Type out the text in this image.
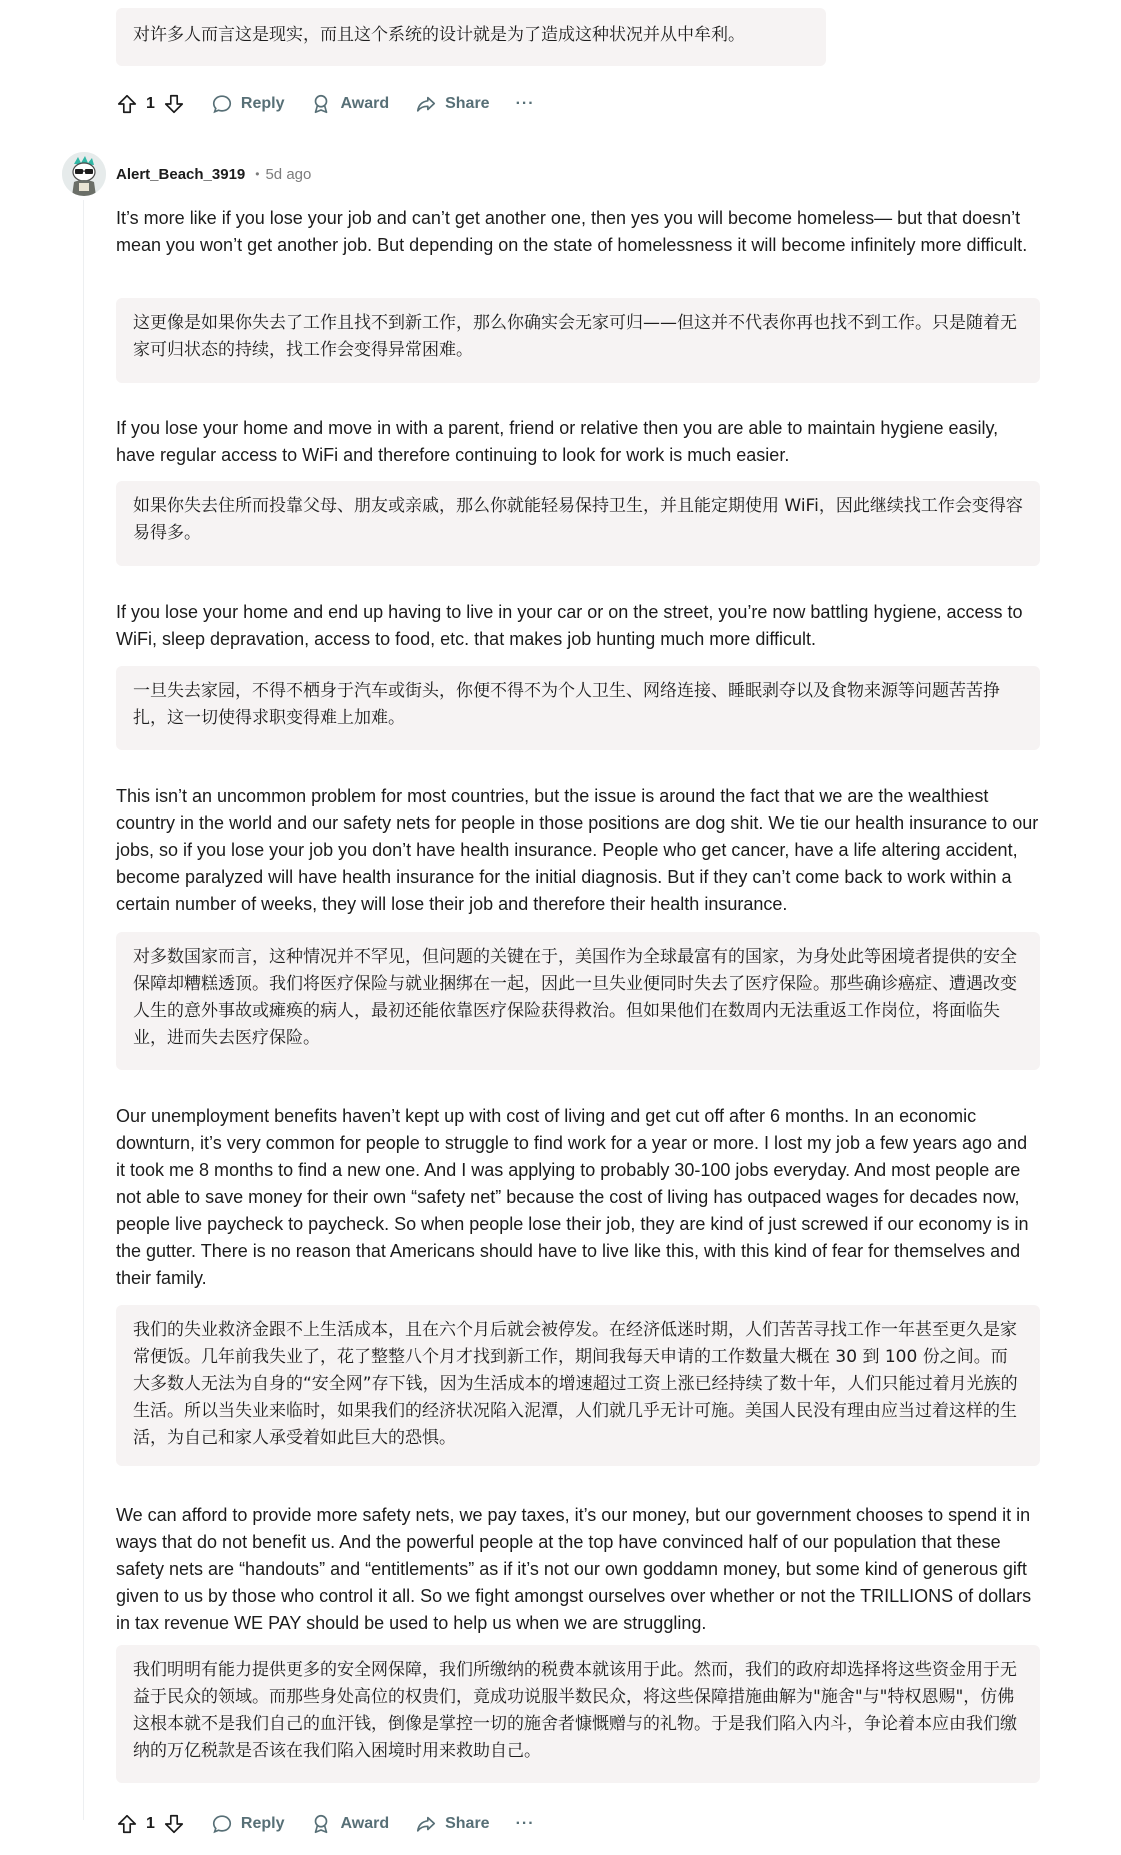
对许多人而言这是现实，而且这个系统的设计就是为了造成这种状况并从中牟利。
1	Reply	Award	Share ···
Alert_Beach_3919 • 5d ago
It’s more like if you lose your job and can’t get another one, then yes you will become homeless— but that doesn’t mean you won’t get another job. But depending on the state of homelessness it will become infinitely more difficult.
这更像是如果你失去了工作且找不到新工作，那么你确实会无家可归——但这并不代表你再也找不到工作。只是随着无家可归状态的持续，找工作会变得异常困难。
If you lose your home and move in with a parent, friend or relative then you are able to maintain hygiene easily, have regular access to WiFi and therefore continuing to look for work is much easier.
如果你失去住所而投靠父母、朋友或亲戚，那么你就能轻易保持卫生，并且能定期使用 WiFi，因此继续找工作会变得容易得多。
If you lose your home and end up having to live in your car or on the street, you’re now battling hygiene, access to WiFi, sleep depravation, access to food, etc. that makes job hunting much more difficult.
一旦失去家园，不得不栖身于汽车或街头，你便不得不为个人卫生、网络连接、睡眠剥夺以及食物来源等问题苦苦挣扎，这一切使得求职变得难上加难。
This isn’t an uncommon problem for most countries, but the issue is around the fact that we are the wealthiest country in the world and our safety nets for people in those positions are dog shit. We tie our health insurance to our jobs, so if you lose your job you don’t have health insurance. People who get cancer, have a life altering accident, become paralyzed will have health insurance for the initial diagnosis. But if they can’t come back to work within a certain number of weeks, they will lose their job and therefore their health insurance.
对多数国家而言，这种情况并不罕见，但问题的关键在于，美国作为全球最富有的国家，为身处此等困境者提供的安全保障却糟糕透顶。我们将医疗保险与就业捆绑在一起，因此一旦失业便同时失去了医疗保险。那些确诊癌症、遭遇改变人生的意外事故或瘫痪的病人，最初还能依靠医疗保险获得救治。但如果他们在数周内无法重返工作岗位，将面临失业，进而失去医疗保险。
Our unemployment benefits haven’t kept up with cost of living and get cut off after 6 months. In an economic downturn, it’s very common for people to struggle to find work for a year or more. I lost my job a few years ago and it took me 8 months to find a new one. And I was applying to probably 30-100 jobs everyday. And most people are not able to save money for their own “safety net” because the cost of living has outpaced wages for decades now, people live paycheck to paycheck. So when people lose their job, they are kind of just screwed if our economy is in the gutter. There is no reason that Americans should have to live like this, with this kind of fear for themselves and their family.
我们的失业救济金跟不上生活成本，且在六个月后就会被停发。在经济低迷时期，人们苦苦寻找工作一年甚至更久是家常便饭。几年前我失业了，花了整整八个月才找到新工作，期间我每天申请的工作数量大概在 30 到 100 份之间。而大多数人无法为自身的“安全网”存下钱，因为生活成本的增速超过工资上涨已经持续了数十年，人们只能过着月光族的生活。所以当失业来临时，如果我们的经济状况陷入泥潭，人们就几乎无计可施。美国人民没有理由应当过着这样的生活，为自己和家人承受着如此巨大的恐惧。
We can afford to provide more safety nets, we pay taxes, it’s our money, but our government chooses to spend it in ways that do not benefit us. And the powerful people at the top have convinced half of our population that these safety nets are “handouts” and “entitlements” as if it’s not our own goddamn money, but some kind of generous gift given to us by those who control it all. So we fight amongst ourselves over whether or not the TRILLIONS of dollars in tax revenue WE PAY should be used to help us when we are struggling.
我们明明有能力提供更多的安全网保障，我们所缴纳的税费本就该用于此。然而，我们的政府却选择将这些资金用于无益于民众的领域。而那些身处高位的权贵们，竟成功说服半数民众，将这些保障措施曲解为"施舍"与"特权恩赐"，仿佛这根本就不是我们自己的血汗钱，倒像是掌控一切的施舍者慷慨赠与的礼物。于是我们陷入内斗，争论着本应由我们缴纳的万亿税款是否该在我们陷入困境时用来救助自己。
1	Reply	Award	Share ···
